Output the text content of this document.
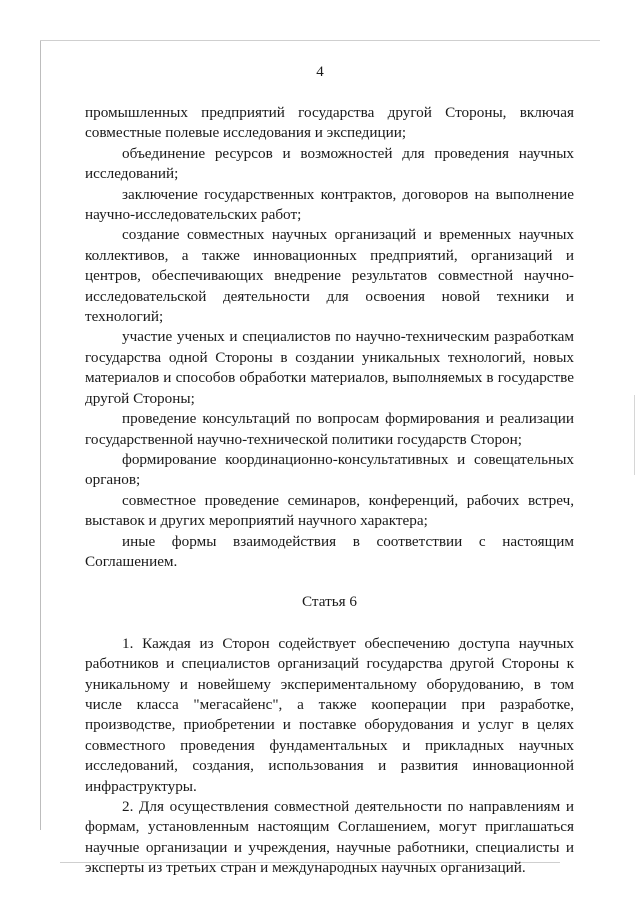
4

промышленных предприятий государства другой Стороны, включая совместные полевые исследования и экспедиции;

объединение ресурсов и возможностей для проведения научных исследований;

заключение государственных контрактов, договоров на выполнение научно-исследовательских работ;

создание совместных научных организаций и временных научных коллективов, а также инновационных предприятий, организаций и центров, обеспечивающих внедрение результатов совместной научно-исследовательской деятельности для освоения новой техники и технологий;

участие ученых и специалистов по научно-техническим разработкам государства одной Стороны в создании уникальных технологий, новых материалов и способов обработки материалов, выполняемых в государстве другой Стороны;

проведение консультаций по вопросам формирования и реализации государственной научно-технической политики государств Сторон;

формирование координационно-консультативных и совещательных органов;

совместное проведение семинаров, конференций, рабочих встреч, выставок и других мероприятий научного характера;

иные формы взаимодействия в соответствии с настоящим Соглашением.

Статья 6

1. Каждая из Сторон содействует обеспечению доступа научных работников и специалистов организаций государства другой Стороны к уникальному и новейшему экспериментальному оборудованию, в том числе класса "мегасайенс", а также кооперации при разработке, производстве, приобретении и поставке оборудования и услуг в целях совместного проведения фундаментальных и прикладных научных исследований, создания, использования и развития инновационной инфраструктуры.

2. Для осуществления совместной деятельности по направлениям и формам, установленным настоящим Соглашением, могут приглашаться научные организации и учреждения, научные работники, специалисты и эксперты из третьих стран и международных научных организаций.
